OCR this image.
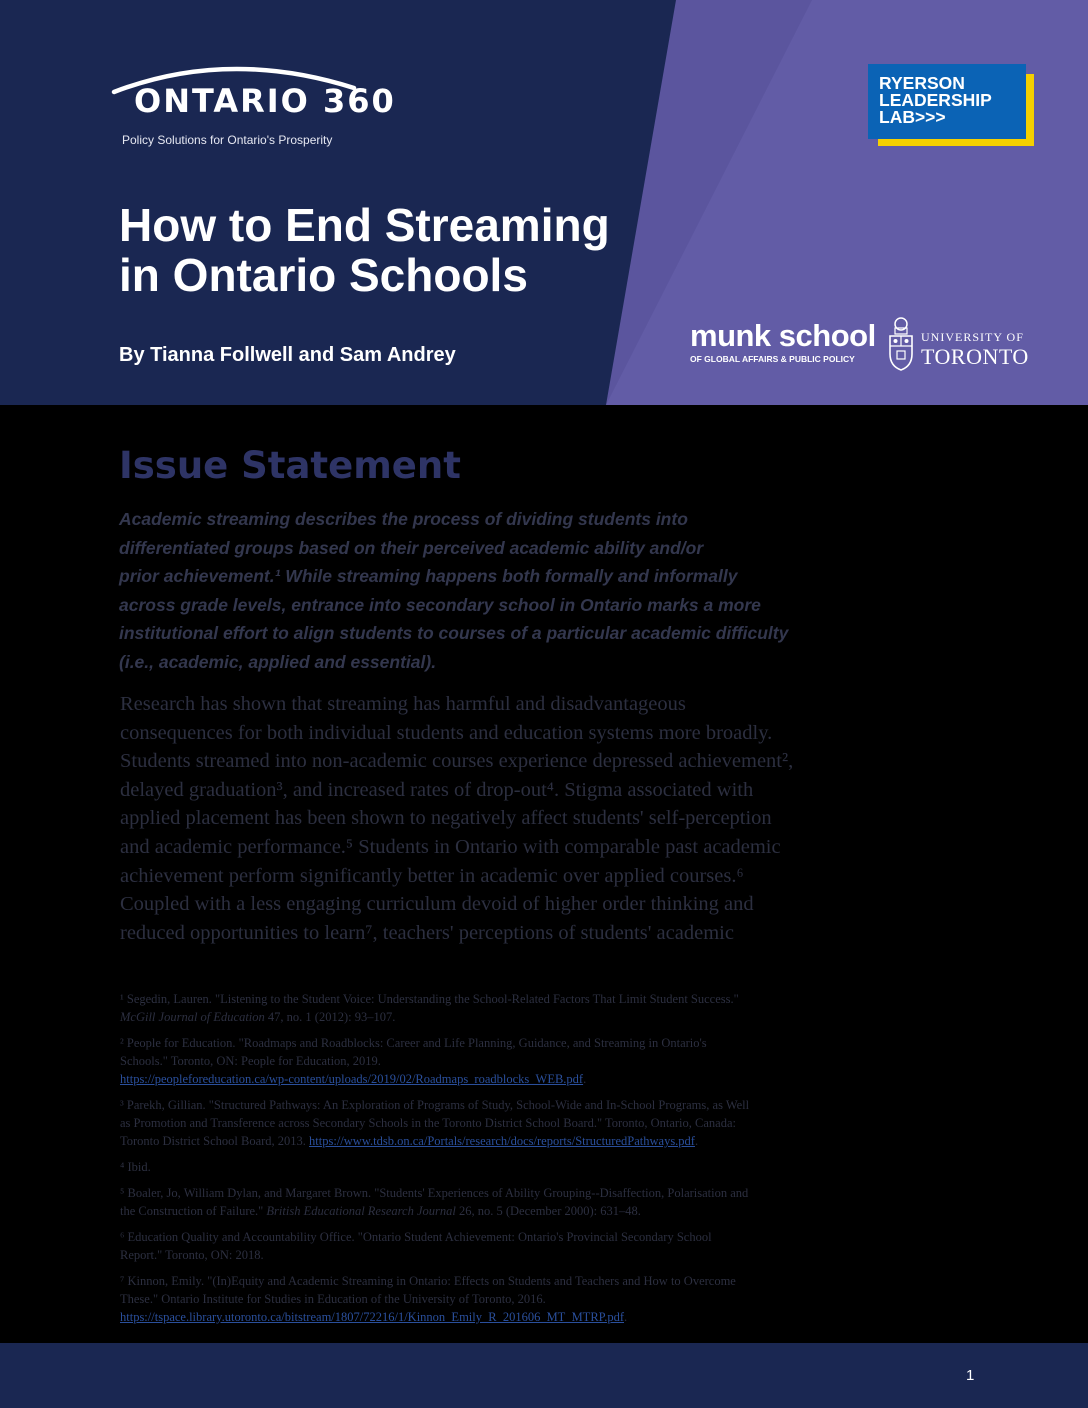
ONTARIO 360
Policy Solutions for Ontario's Prosperity
How to End Streaming
in Ontario Schools
By Tianna Follwell and Sam Andrey
RYERSON
LEADERSHIP
LAB>>>
munk school
OF GLOBAL AFFAIRS & PUBLIC POLICY
UNIVERSITY OF
TORONTO
Issue Statement
Academic streaming describes the process of dividing students into
differentiated groups based on their perceived academic ability and/or
prior achievement.¹ While streaming happens both formally and informally
across grade levels, entrance into secondary school in Ontario marks a more
institutional effort to align students to courses of a particular academic difficulty
(i.e., academic, applied and essential).
Research has shown that streaming has harmful and disadvantageous
consequences for both individual students and education systems more broadly.
Students streamed into non-academic courses experience depressed achievement²,
delayed graduation³, and increased rates of drop-out⁴. Stigma associated with
applied placement has been shown to negatively affect students' self-perception
and academic performance.⁵ Students in Ontario with comparable past academic
achievement perform significantly better in academic over applied courses.⁶
Coupled with a less engaging curriculum devoid of higher order thinking and
reduced opportunities to learn⁷, teachers' perceptions of students' academic
¹ Segedin, Lauren. "Listening to the Student Voice: Understanding the School-Related Factors That Limit Student Success."
McGill Journal of Education 47, no. 1 (2012): 93–107.
² People for Education. "Roadmaps and Roadblocks: Career and Life Planning, Guidance, and Streaming in Ontario's
Schools." Toronto, ON: People for Education, 2019.
https://peopleforeducation.ca/wp-content/uploads/2019/02/Roadmaps_roadblocks_WEB.pdf.
³ Parekh, Gillian. "Structured Pathways: An Exploration of Programs of Study, School-Wide and In-School Programs, as Well
as Promotion and Transference across Secondary Schools in the Toronto District School Board." Toronto, Ontario, Canada:
Toronto District School Board, 2013. https://www.tdsb.on.ca/Portals/research/docs/reports/StructuredPathways.pdf.
⁴ Ibid.
⁵ Boaler, Jo, William Dylan, and Margaret Brown. "Students' Experiences of Ability Grouping--Disaffection, Polarisation and
the Construction of Failure." British Educational Research Journal 26, no. 5 (December 2000): 631–48.
⁶ Education Quality and Accountability Office. "Ontario Student Achievement: Ontario's Provincial Secondary School
Report." Toronto, ON: 2018.
⁷ Kinnon, Emily. "(In)Equity and Academic Streaming in Ontario: Effects on Students and Teachers and How to Overcome
These." Ontario Institute for Studies in Education of the University of Toronto, 2016.
https://tspace.library.utoronto.ca/bitstream/1807/72216/1/Kinnon_Emily_R_201606_MT_MTRP.pdf.
1
